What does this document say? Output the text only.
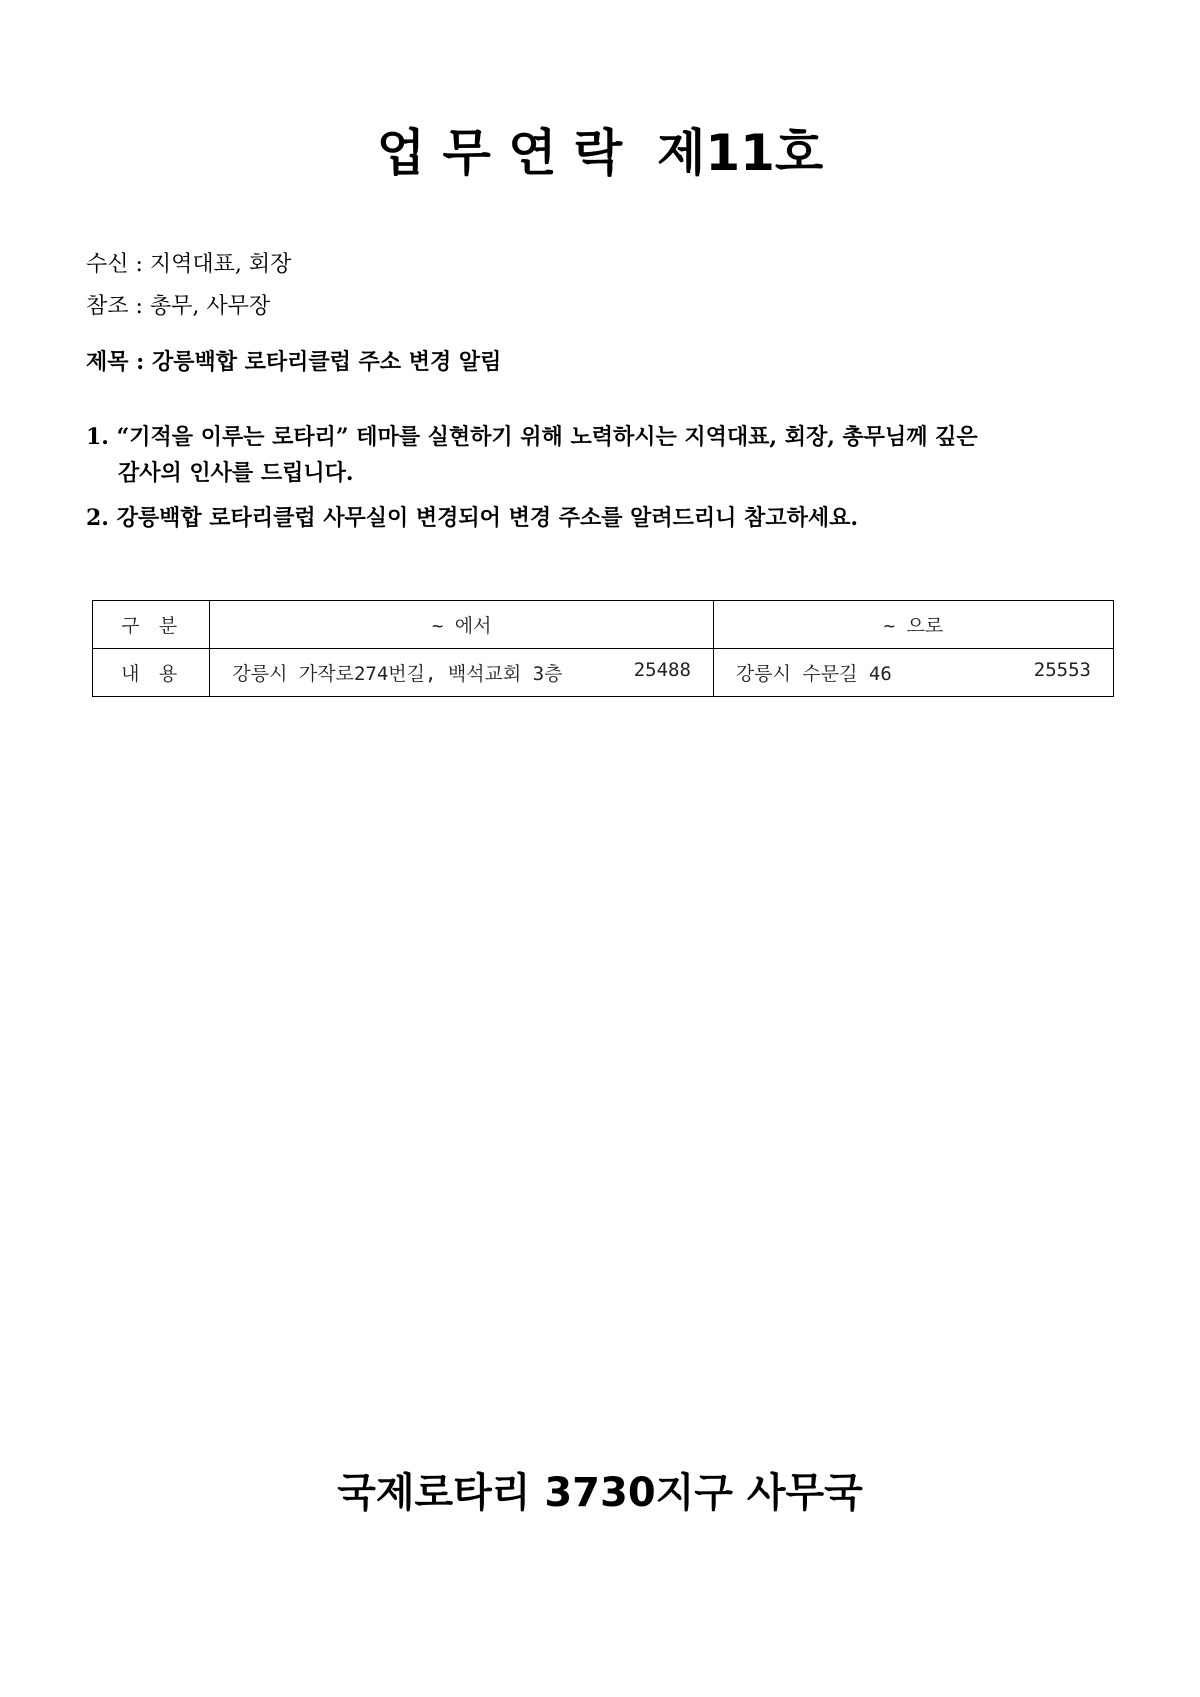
업 무 연 락  제11호
수신 : 지역대표, 회장
참조 : 총무, 사무장
제목 : 강릉백합 로타리클럽 주소 변경 알림
1. “기적을 이루는 로타리” 테마를 실현하기 위해 노력하시는 지역대표, 회장, 총무님께 깊은
감사의 인사를 드립니다.
2. 강릉백합 로타리클럽 사무실이 변경되어 변경 주소를 알려드리니 참고하세요.
구 분	~ 에서	~ 으로
내 용	강릉시 가작로274번길, 백석교회 3층 25488	강릉시 수문길 46 25553
국제로타리 3730지구 사무국
